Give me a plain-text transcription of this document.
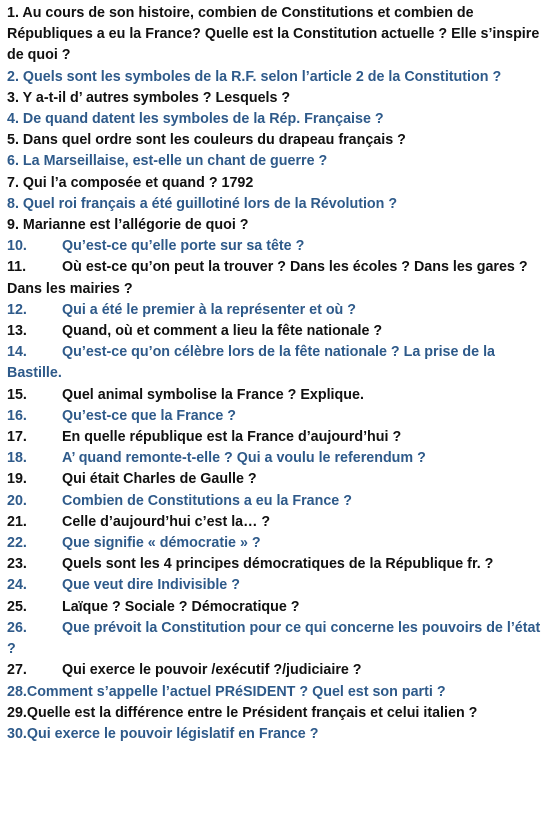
1. Au cours de son histoire, combien de Constitutions et combien de Républiques a eu la France? Quelle est la Constitution actuelle ? Elle s’inspire de quoi ?

2. Quels sont les symboles de la R.F. selon l’article 2 de la Constitution ?

3. Y a-t-il d’ autres symboles ? Lesquels ?

4. De quand datent les symboles de la Rép. Française ?

5. Dans quel ordre sont les couleurs du drapeau français ?

6. La Marseillaise, est-elle un chant de guerre ?

7. Qui l’a composée et quand ? 1792

8. Quel roi français a été guillotiné lors de la Révolution ?

9. Marianne est l’allégorie de quoi ?

10. Qu’est-ce qu’elle porte sur sa tête ?

11.	Où est-ce qu’on peut la trouver ? Dans les écoles ? Dans les gares ? Dans les mairies ?

12. Qui a été le premier à la représenter et où ?

13. Quand, où et comment a lieu la fête nationale ?

14. Qu’est-ce qu’on célèbre lors de la fête nationale ? La prise de la Bastille.

15. Quel animal symbolise la France ? Explique.

16. Qu’est-ce que la France ?

17. En quelle république est la France d’aujourd’hui ?

18. A’ quand remonte-t-elle ? Qui a voulu le referendum ?

19. Qui était Charles de Gaulle ?

20. Combien de Constitutions a eu la France ?

21. Celle d’aujourd’hui c’est la… ?

22. Que signifie « démocratie » ?

23. Quels sont les 4 principes démocratiques de la République fr. ?

24. Que veut dire Indivisible ?

25. Laïque ? Sociale ? Démocratique ?

26. Que prévoit la Constitution pour ce qui concerne les pouvoirs de l’état ?

27. Qui exerce le pouvoir /exécutif ?/judiciaire ?

28.Comment s’appelle l’actuel PRéSIDENT ? Quel est son parti ?

29.Quelle est la différence entre le Président français et celui italien ?

30.Qui exerce le pouvoir législatif en France ?
